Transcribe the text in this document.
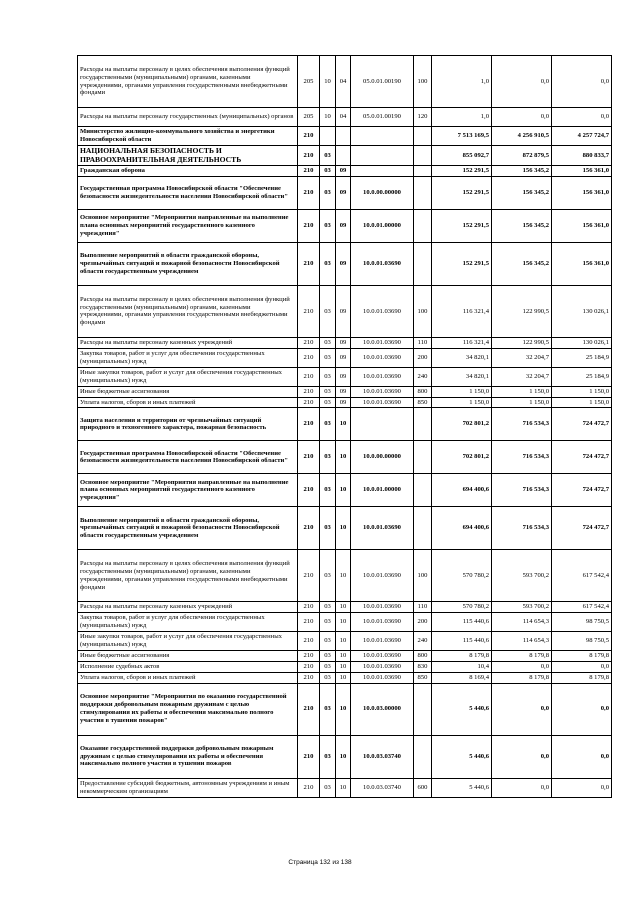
Расходы на выплаты персоналу в целях обеспечения выполнения функций государственными (муниципальными) органами, казенными учреждениями, органами управления государственными внебюджетными фондами	205	10	04	05.0.01.00190	100	1,0	0,0	0,0
Расходы на выплаты персоналу государственных (муниципальных) органов	205	10	04	05.0.01.00190	120	1,0	0,0	0,0
Министерство жилищно-коммунального хозяйства и энергетики Новосибирской области	210					7 513 169,5	4 256 910,5	4 257 724,7
НАЦИОНАЛЬНАЯ БЕЗОПАСНОСТЬ И ПРАВООХРАНИТЕЛЬНАЯ ДЕЯТЕЛЬНОСТЬ	210	03				855 092,7	872 879,5	880 833,7
Гражданская оборона	210	03	09			152 291,5	156 345,2	156 361,0
Государственная программа Новосибирской области "Обеспечение безопасности жизнедеятельности населения Новосибирской области"	210	03	09	10.0.00.00000		152 291,5	156 345,2	156 361,0
Основное мероприятие "Мероприятия направленные на выполнение плана основных мероприятий государственного казенного учреждения"	210	03	09	10.0.01.00000		152 291,5	156 345,2	156 361,0
Выполнение мероприятий в области гражданской обороны, чрезвычайных ситуаций и пожарной безопасности Новосибирской области государственным учреждением	210	03	09	10.0.01.03690		152 291,5	156 345,2	156 361,0
Расходы на выплаты персоналу в целях обеспечения выполнения функций государственными (муниципальными) органами, казенными учреждениями, органами управления государственными внебюджетными фондами	210	03	09	10.0.01.03690	100	116 321,4	122 990,5	130 026,1
Расходы на выплаты персоналу казенных учреждений	210	03	09	10.0.01.03690	110	116 321,4	122 990,5	130 026,1
Закупка товаров, работ и услуг для обеспечения государственных (муниципальных) нужд	210	03	09	10.0.01.03690	200	34 820,1	32 204,7	25 184,9
Иные закупки товаров, работ и услуг для обеспечения государственных (муниципальных) нужд	210	03	09	10.0.01.03690	240	34 820,1	32 204,7	25 184,9
Иные бюджетные ассигнования	210	03	09	10.0.01.03690	800	1 150,0	1 150,0	1 150,0
Уплата налогов, сборов и иных платежей	210	03	09	10.0.01.03690	850	1 150,0	1 150,0	1 150,0
Защита населения и территории от чрезвычайных ситуаций природного и техногенного характера, пожарная безопасность	210	03	10			702 801,2	716 534,3	724 472,7
Государственная программа Новосибирской области "Обеспечение безопасности жизнедеятельности населения Новосибирской области"	210	03	10	10.0.00.00000		702 801,2	716 534,3	724 472,7
Основное мероприятие "Мероприятия направленные на выполнение плана основных мероприятий государственного казенного учреждения"	210	03	10	10.0.01.00000		694 400,6	716 534,3	724 472,7
Выполнение мероприятий в области гражданской обороны, чрезвычайных ситуаций и пожарной безопасности Новосибирской области государственным учреждением	210	03	10	10.0.01.03690		694 400,6	716 534,3	724 472,7
Расходы на выплаты персоналу в целях обеспечения выполнения функций государственными (муниципальными) органами, казенными учреждениями, органами управления государственными внебюджетными фондами	210	03	10	10.0.01.03690	100	570 780,2	593 700,2	617 542,4
Расходы на выплаты персоналу казенных учреждений	210	03	10	10.0.01.03690	110	570 780,2	593 700,2	617 542,4
Закупка товаров, работ и услуг для обеспечения государственных (муниципальных) нужд	210	03	10	10.0.01.03690	200	115 440,6	114 654,3	98 750,5
Иные закупки товаров, работ и услуг для обеспечения государственных (муниципальных) нужд	210	03	10	10.0.01.03690	240	115 440,6	114 654,3	98 750,5
Иные бюджетные ассигнования	210	03	10	10.0.01.03690	800	8 179,8	8 179,8	8 179,8
Исполнение судебных актов	210	03	10	10.0.01.03690	830	10,4	0,0	0,0
Уплата налогов, сборов и иных платежей	210	03	10	10.0.01.03690	850	8 169,4	8 179,8	8 179,8
Основное мероприятие "Мероприятия по оказанию государственной поддержки добровольным пожарным дружинам с целью стимулирования их работы и обеспечения максимально полного участия в тушении пожаров"	210	03	10	10.0.03.00000		5 440,6	0,0	0,0
Оказание государственной поддержки добровольным пожарным дружинам с целью стимулирования их работы и обеспечения максимально полного участия в тушении пожаров	210	03	10	10.0.03.03740		5 440,6	0,0	0,0
Предоставление субсидий бюджетным, автономным учреждениям и иным некоммерческим организациям	210	03	10	10.0.03.03740	600	5 440,6	0,0	0,0
Страница 132 из 138
